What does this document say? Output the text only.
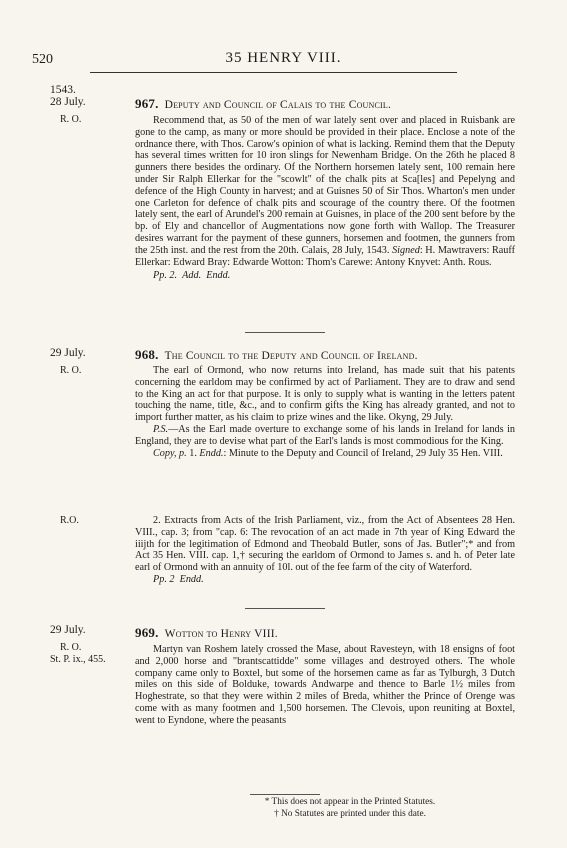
520	35 HENRY VIII.
1543.
28 July.
R. O.
967. Deputy and Council of Calais to the Council.

Recommend that, as 50 of the men of war lately sent over and placed in Ruisbank are gone to the camp, as many or more should be provided in their place. Enclose a note of the ordnance there, with Thos. Carow's opinion of what is lacking. Remind them that the Deputy has several times written for 10 iron slings for Newenham Bridge. On the 26th he placed 8 gunners there besides the ordinary. Of the Northern horsemen lately sent, 100 remain here under Sir Ralph Ellerkar for the "scowlt" of the chalk pits at Sca[les] and Pepelyng and defence of the High County in harvest; and at Guisnes 50 of Sir Thos. Wharton's men under one Carleton for defence of chalk pits and scourage of the country there. Of the footmen lately sent, the earl of Arundel's 200 remain at Guisnes, in place of the 200 sent before by the bp. of Ely and chancellor of Augmentations now gone forth with Wallop. The Treasurer desires warrant for the payment of these gunners, horsemen and footmen, the gunners from the 25th inst. and the rest from the 20th. Calais, 28 July, 1543. Signed: H. Mawtravers: Rauff Ellerkar: Edward Bray: Edwarde Wotton: Thom's Carewe: Antony Knyvet: Anth. Rous.

Pp. 2. Add. Endd.

29 July.
R. O.
968. The Council to the Deputy and Council of Ireland.

The earl of Ormond, who now returns into Ireland, has made suit that his patents concerning the earldom may be confirmed by act of Parliament. They are to draw and send to the King an act for that purpose. It is only to supply what is wanting in the letters patent touching the name, title, &c., and to confirm gifts the King has already granted, and not to import further matter, as his claim to prize wines and the like. Okyng, 29 July.

P.S.—As the Earl made overture to exchange some of his lands in Ireland for lands in England, they are to devise what part of the Earl's lands is most commodious for the King.

Copy, p. 1. Endd.: Minute to the Deputy and Council of Ireland, 29 July 35 Hen. VIII.

R.O.	2. Extracts from Acts of the Irish Parliament, viz., from the Act of Absentees 28 Hen. VIII., cap. 3; from "cap. 6: The revocation of an act made in 7th year of King Edward the iiijth for the legitimation of Edmond and Theobald Butler, sons of Jas. Butler";* and from Act 35 Hen. VIII. cap. 1,† securing the earldom of Ormond to James s. and h. of Peter late earl of Ormond with an annuity of 10l. out of the fee farm of the city of Waterford.

Pp. 2 Endd.

29 July.
R. O.
St. P. ix., 455.
969. Wotton to Henry VIII.

Martyn van Roshem lately crossed the Mase, about Ravesteyn, with 18 ensigns of foot and 2,000 horse and "brantscattidde" some villages and destroyed others. The whole company came only to Boxtel, but some of the horsemen came as far as Tylburgh, 3 Dutch miles on this side of Bolduke, towards Andwarpe and thence to Barle 1½ miles from Hoghestrate, so that they were within 2 miles of Breda, whither the Prince of Orenge was come with as many footmen and 1,500 horsemen. The Clevois, upon reuniting at Boxtel, went to Eyndone, where the peasants

* This does not appear in the Printed Statutes.
† No Statutes are printed under this date.
